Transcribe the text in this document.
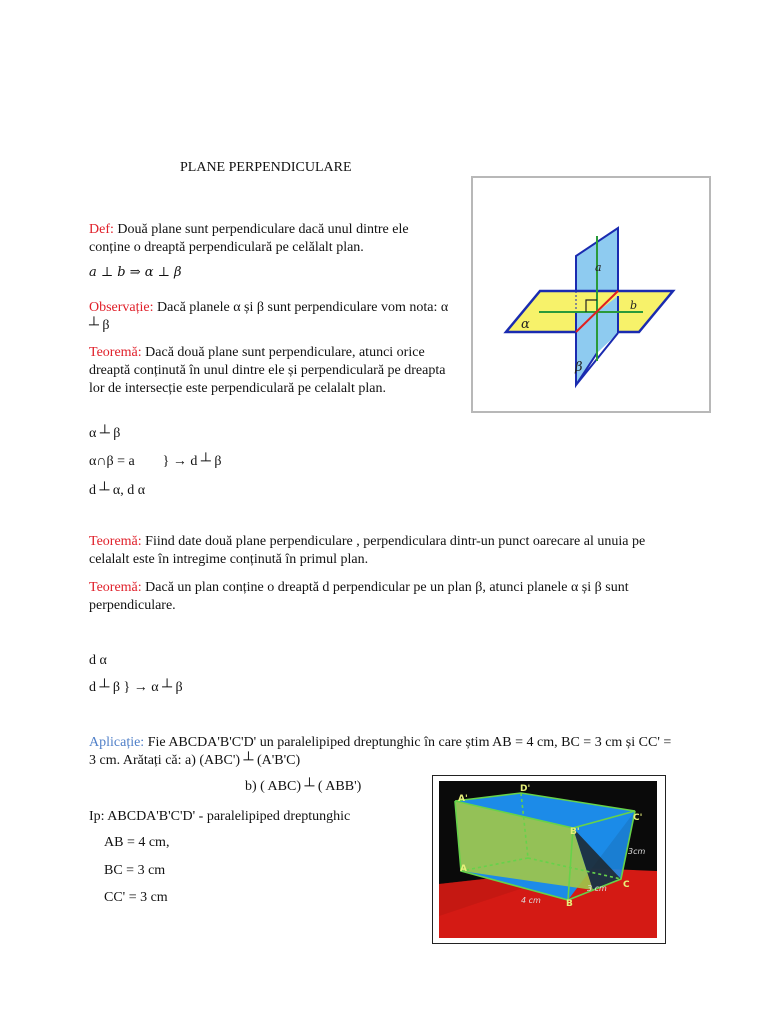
PLANE PERPENDICULARE
Def: Două plane sunt perpendiculare dacă unul dintre ele conține o dreaptă perpendiculară pe celălalt plan.
a ⊥ b ⇒ α ⊥ β
Observație: Dacă planele α și β sunt perpendiculare vom nota: α ┴ β
Teoremă: Dacă două plane sunt perpendiculare, atunci orice dreaptă conținută în unul dintre ele și perpendiculară pe dreapta lor de intersecție este perpendiculară pe celalalt plan.
α ┴ β
α∩β = a        } → d ┴ β
d ┴ α, d α
Teoremă: Fiind date două plane perpendiculare , perpendiculara dintr-un punct oarecare al unuia pe celalalt este în intregime conținută în primul plan.
Teoremă: Dacă un plan conține o dreaptă d perpendicular pe un plan β, atunci planele α și β sunt perpendiculare.
d α
d ┴ β } → α ┴ β
Aplicație: Fie ABCDA'B'C'D' un paralelipiped dreptunghic în care știm AB = 4 cm, BC = 3 cm și CC' = 3 cm. Arătați că: a) (ABC') ┴ (A'B'C)
b) ( ABC) ┴ ( ABB')
Ip: ABCDA'B'C'D' - paralelipiped dreptunghic
AB = 4 cm,
BC = 3 cm
CC' = 3 cm
a
b
α
β
A'
D'
B'
C'
A
B
C
3cm
3 cm
4 cm
